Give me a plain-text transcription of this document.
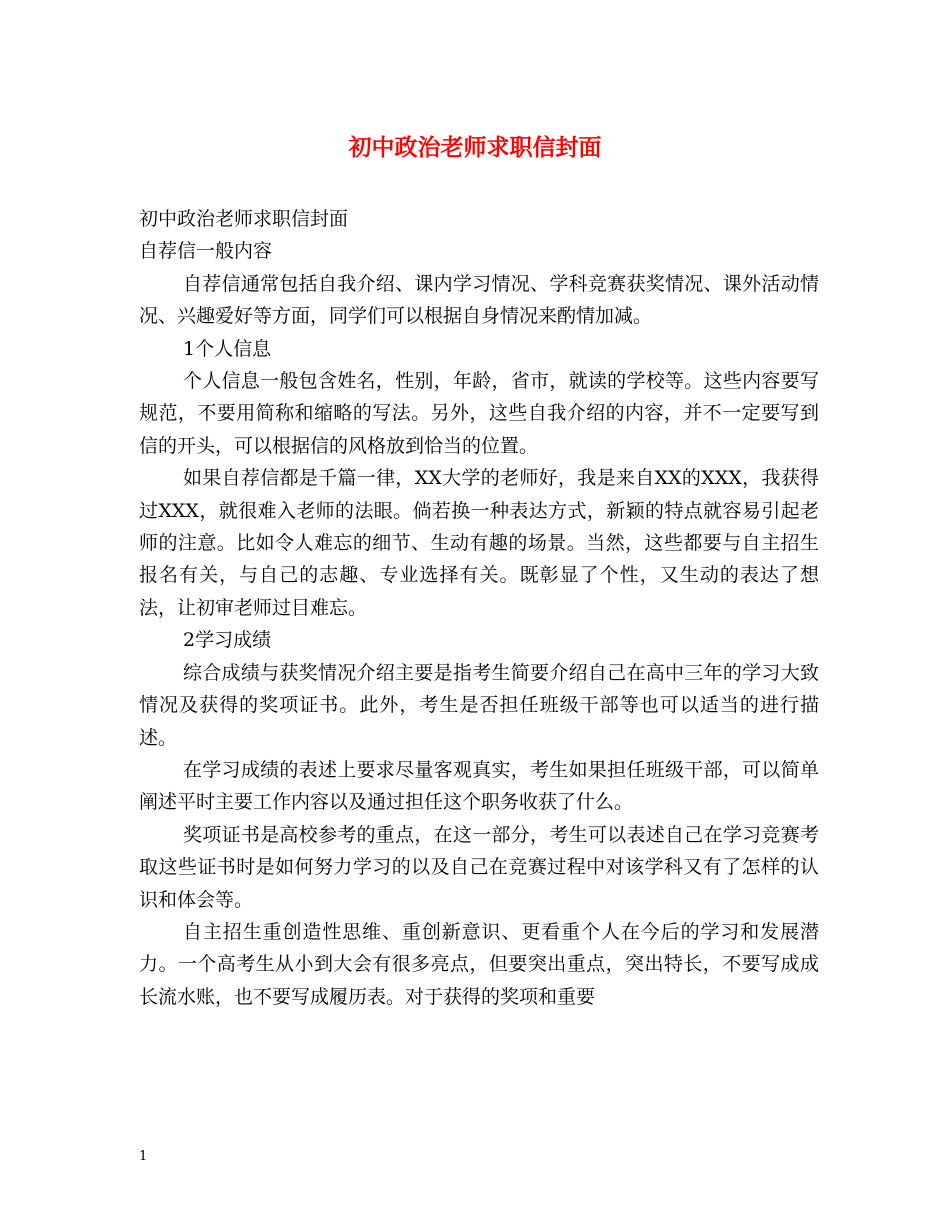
初中政治老师求职信封面

初中政治老师求职信封面

自荐信一般内容

自荐信通常包括自我介绍、课内学习情况、学科竞赛获奖情况、课外活动情况、兴趣爱好等方面，同学们可以根据自身情况来酌情加减。

1个人信息

个人信息一般包含姓名，性别，年龄，省市，就读的学校等。这些内容要写规范，不要用简称和缩略的写法。另外，这些自我介绍的内容，并不一定要写到信的开头，可以根据信的风格放到恰当的位置。

如果自荐信都是千篇一律，XX大学的老师好，我是来自XX的XXX，我获得过XXX，就很难入老师的法眼。倘若换一种表达方式，新颖的特点就容易引起老师的注意。比如令人难忘的细节、生动有趣的场景。当然，这些都要与自主招生报名有关，与自己的志趣、专业选择有关。既彰显了个性，又生动的表达了想法，让初审老师过目难忘。

2学习成绩

综合成绩与获奖情况介绍主要是指考生简要介绍自己在高中三年的学习大致情况及获得的奖项证书。此外，考生是否担任班级干部等也可以适当的进行描述。

在学习成绩的表述上要求尽量客观真实，考生如果担任班级干部，可以简单阐述平时主要工作内容以及通过担任这个职务收获了什么。

奖项证书是高校参考的重点，在这一部分，考生可以表述自己在学习竞赛考取这些证书时是如何努力学习的以及自己在竞赛过程中对该学科又有了怎样的认识和体会等。

自主招生重创造性思维、重创新意识、更看重个人在今后的学习和发展潜力。一个高考生从小到大会有很多亮点，但要突出重点，突出特长，不要写成成长流水账，也不要写成履历表。对于获得的奖项和重要

1
